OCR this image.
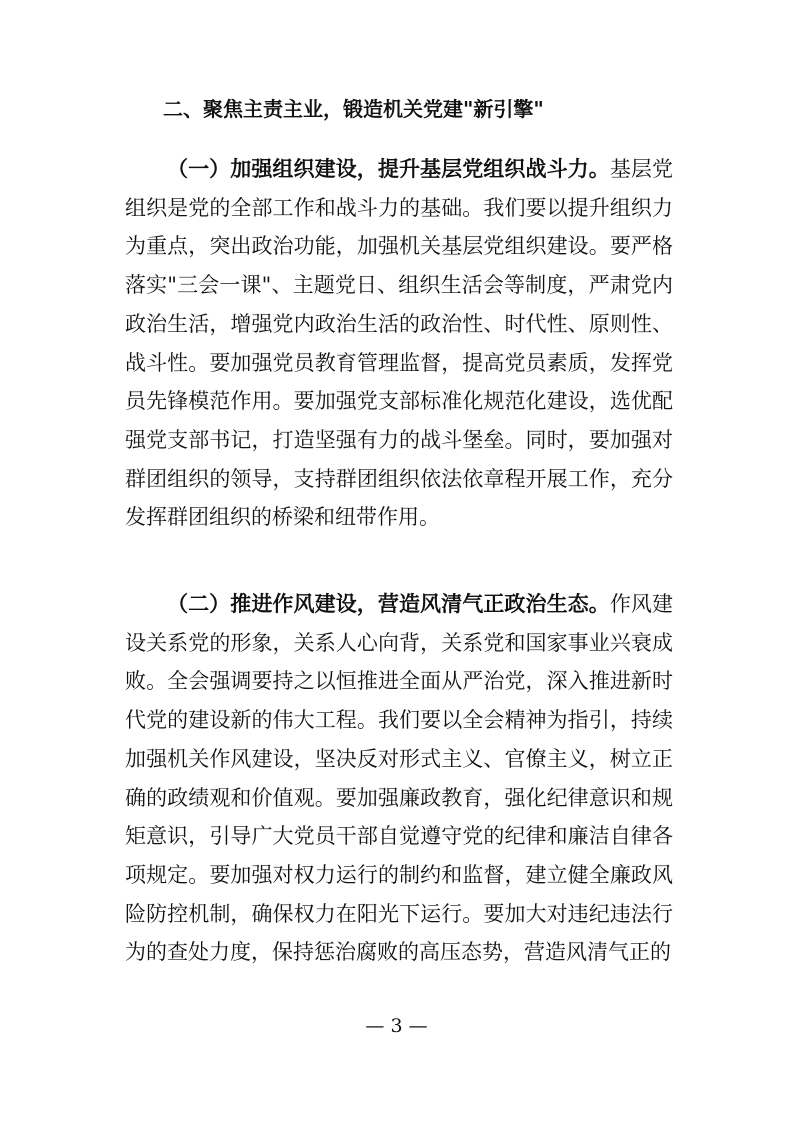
二、聚焦主责主业，锻造机关党建"新引擎"

（一）加强组织建设，提升基层党组织战斗力。基层党组织是党的全部工作和战斗力的基础。我们要以提升组织力为重点，突出政治功能，加强机关基层党组织建设。要严格落实"三会一课"、主题党日、组织生活会等制度，严肃党内政治生活，增强党内政治生活的政治性、时代性、原则性、战斗性。要加强党员教育管理监督，提高党员素质，发挥党员先锋模范作用。要加强党支部标准化规范化建设，选优配强党支部书记，打造坚强有力的战斗堡垒。同时，要加强对群团组织的领导，支持群团组织依法依章程开展工作，充分发挥群团组织的桥梁和纽带作用。

（二）推进作风建设，营造风清气正政治生态。作风建设关系党的形象，关系人心向背，关系党和国家事业兴衰成败。全会强调要持之以恒推进全面从严治党，深入推进新时代党的建设新的伟大工程。我们要以全会精神为指引，持续加强机关作风建设，坚决反对形式主义、官僚主义，树立正确的政绩观和价值观。要加强廉政教育，强化纪律意识和规矩意识，引导广大党员干部自觉遵守党的纪律和廉洁自律各项规定。要加强对权力运行的制约和监督，建立健全廉政风险防控机制，确保权力在阳光下运行。要加大对违纪违法行为的查处力度，保持惩治腐败的高压态势，营造风清气正的

— 3 —
